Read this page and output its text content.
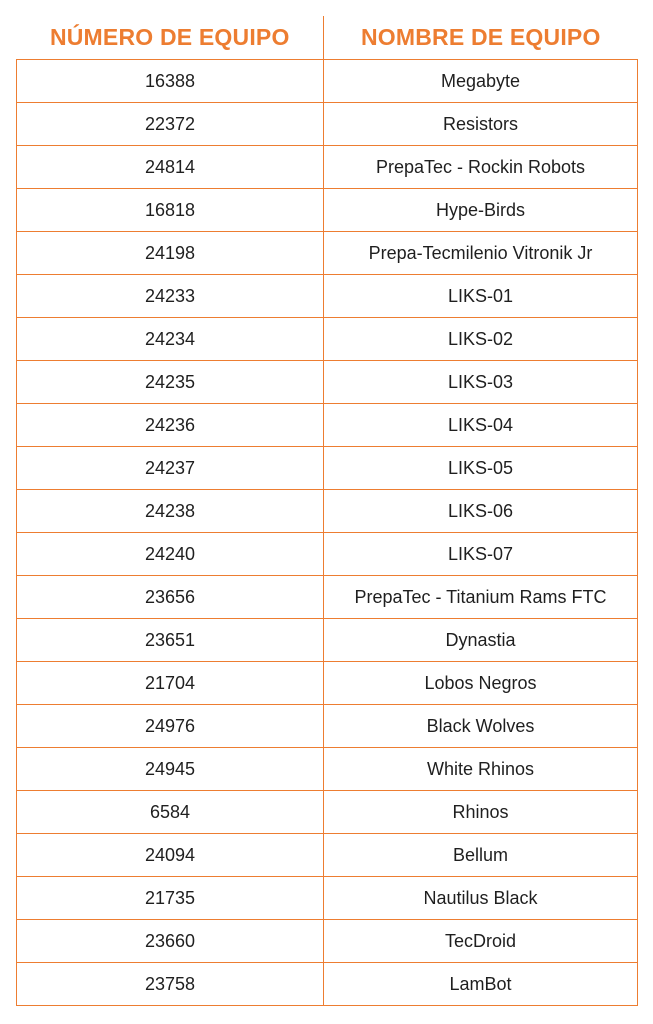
NÚMERO DE EQUIPO	NOMBRE DE EQUIPO
16388	Megabyte
22372	Resistors
24814	PrepaTec - Rockin Robots
16818	Hype-Birds
24198	Prepa-Tecmilenio Vitronik Jr
24233	LIKS-01
24234	LIKS-02
24235	LIKS-03
24236	LIKS-04
24237	LIKS-05
24238	LIKS-06
24240	LIKS-07
23656	PrepaTec - Titanium Rams FTC
23651	Dynastia
21704	Lobos Negros
24976	Black Wolves
24945	White Rhinos
6584	Rhinos
24094	Bellum
21735	Nautilus Black
23660	TecDroid
23758	LamBot
